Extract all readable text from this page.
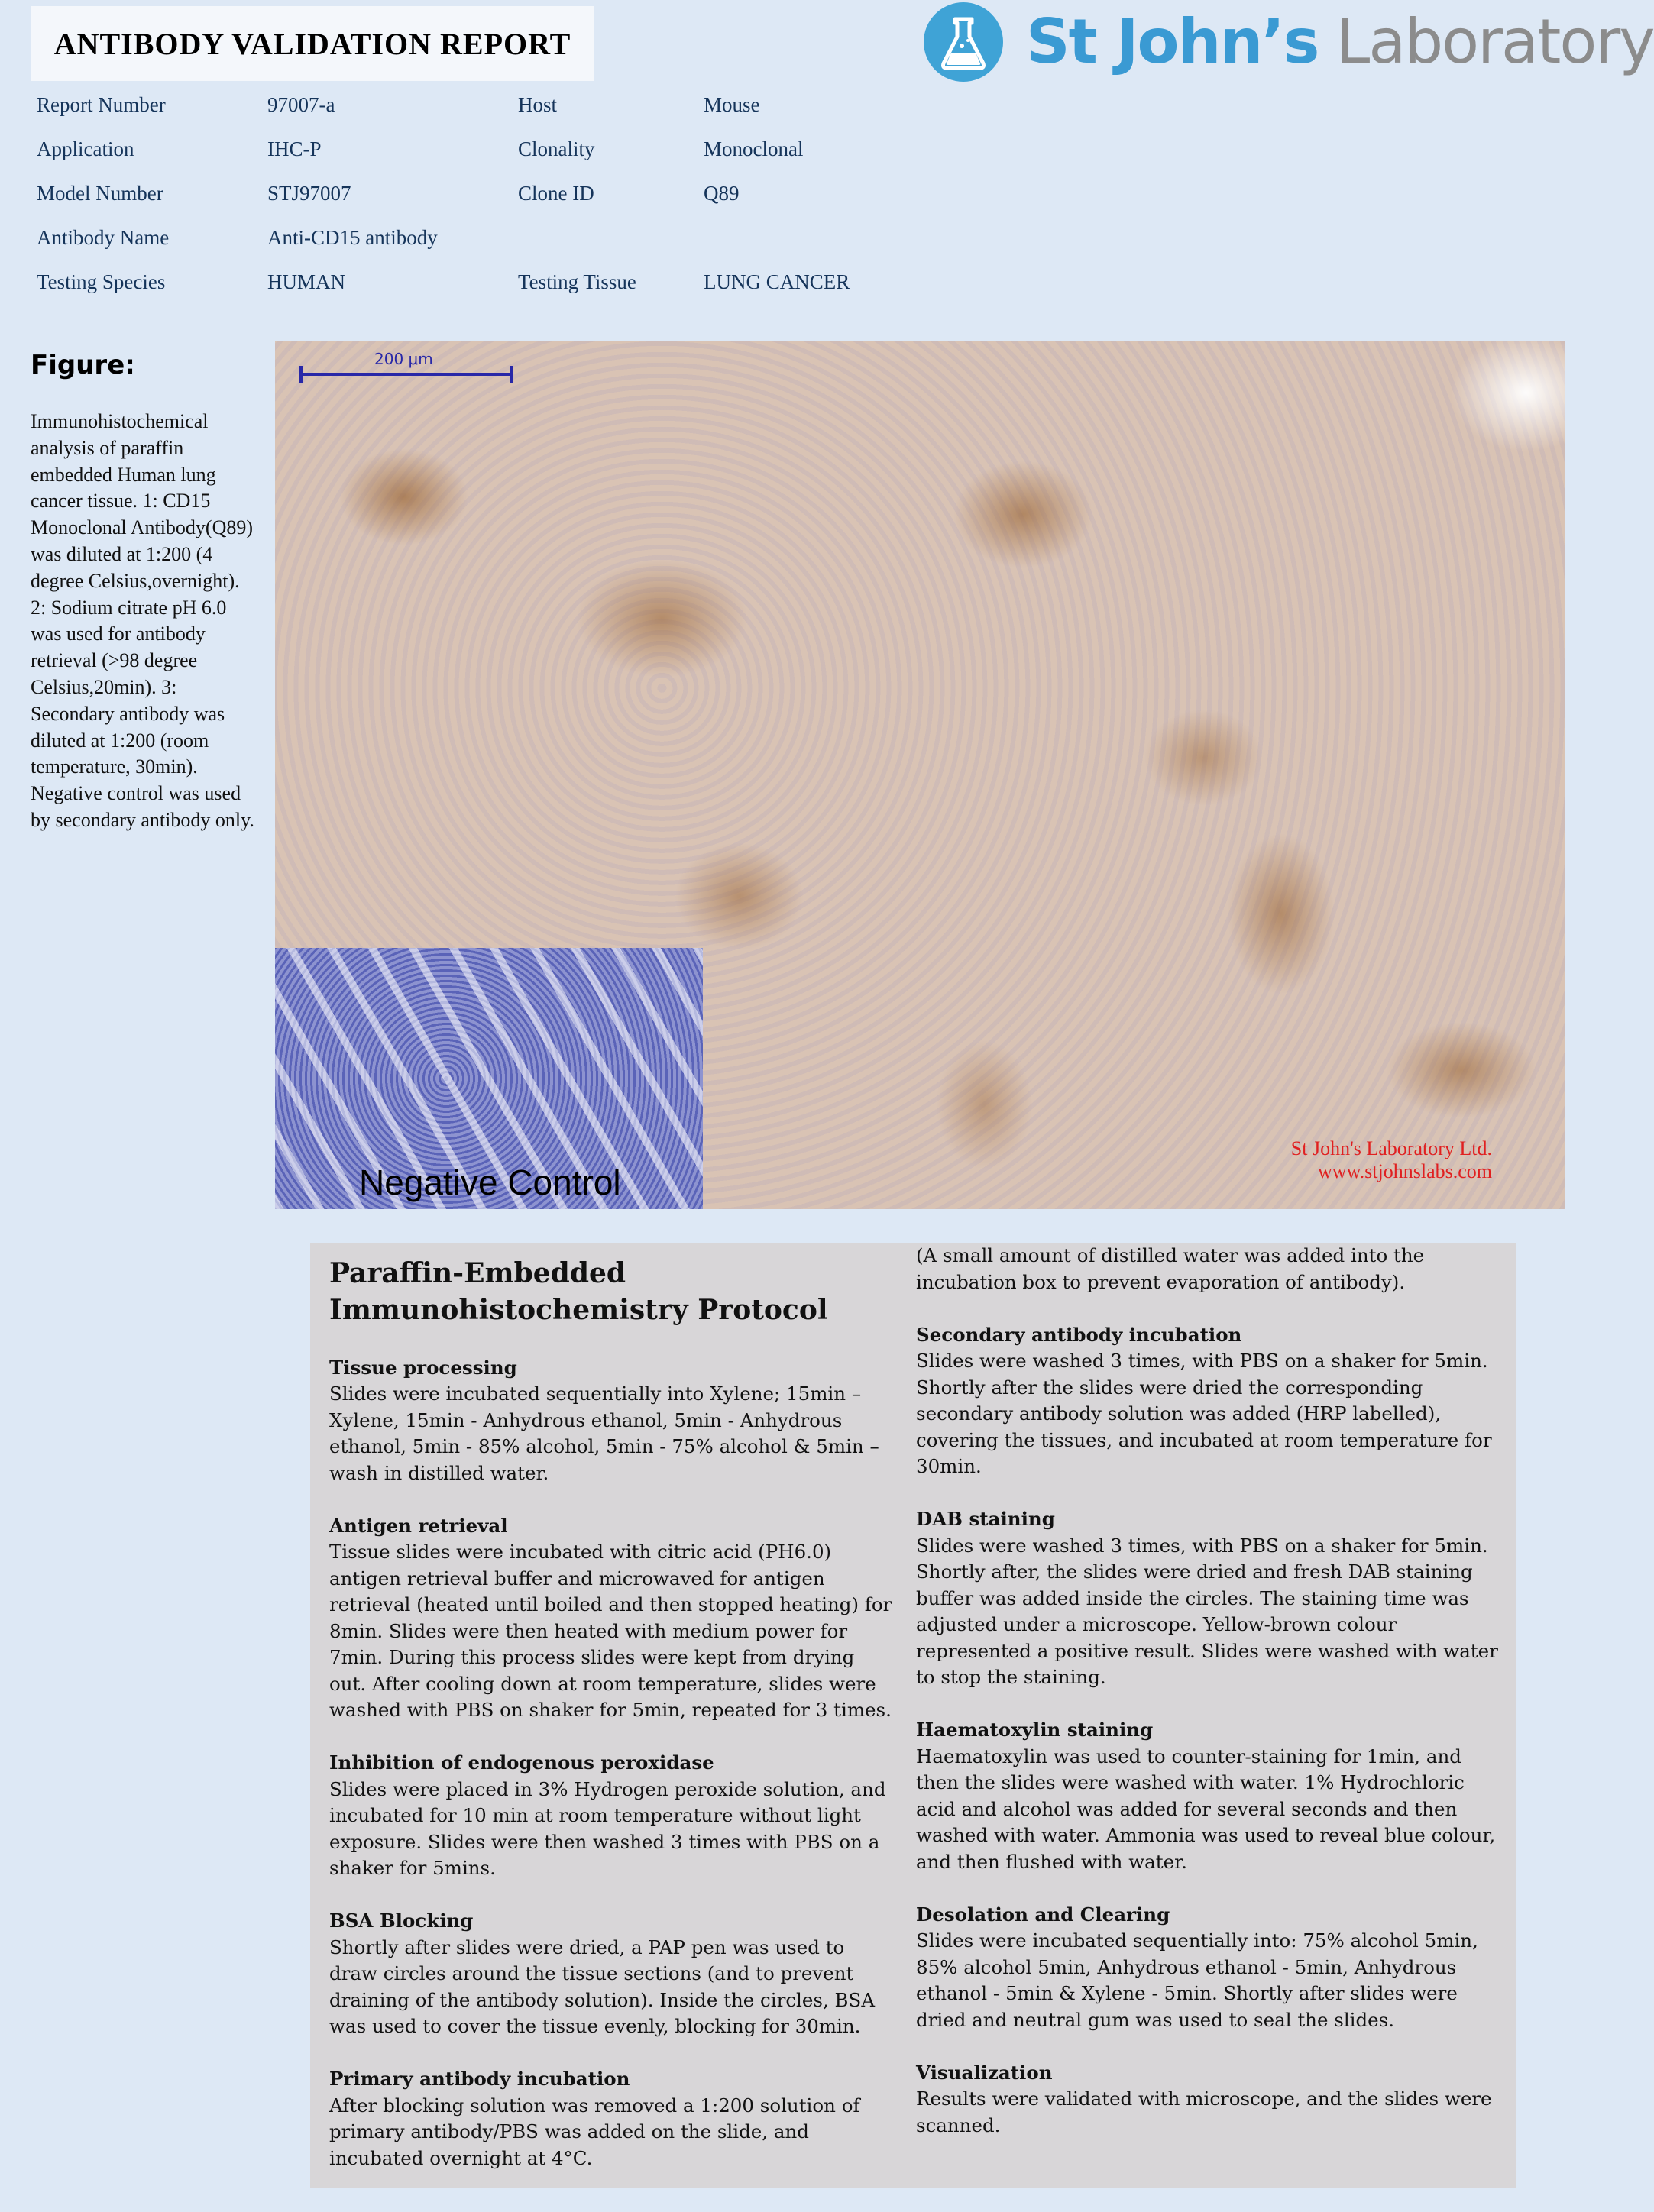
ANTIBODY VALIDATION REPORT	St John’s Laboratory
Report Number	97007-a	Host	Mouse
Application	IHC-P	Clonality	Monoclonal
Model Number	STJ97007	Clone ID	Q89
Antibody Name	Anti-CD15 antibody
Testing Species	HUMAN	Testing Tissue	LUNG CANCER
Figure:
Immunohistochemical analysis of paraffin embedded Human lung cancer tissue. 1: CD15 Monoclonal Antibody(Q89) was diluted at 1:200 (4 degree Celsius,overnight). 2: Sodium citrate pH 6.0 was used for antibody retrieval (>98 degree Celsius,20min). 3: Secondary antibody was diluted at 1:200 (room temperature, 30min). Negative control was used by secondary antibody only.
200 μm
Negative Control
St John's Laboratory Ltd.
www.stjohnslabs.com
Paraffin-Embedded Immunohistochemistry Protocol

Tissue processing

Slides were incubated sequentially into Xylene; 15min – Xylene, 15min - Anhydrous ethanol, 5min - Anhydrous ethanol, 5min - 85% alcohol, 5min - 75% alcohol & 5min – wash in distilled water.

Antigen retrieval

Tissue slides were incubated with citric acid (PH6.0) antigen retrieval buffer and microwaved for antigen retrieval (heated until boiled and then stopped heating) for 8min. Slides were then heated with medium power for 7min. During this process slides were kept from drying out. After cooling down at room temperature, slides were washed with PBS on shaker for 5min, repeated for 3 times.

Inhibition of endogenous peroxidase

Slides were placed in 3% Hydrogen peroxide solution, and incubated for 10 min at room temperature without light exposure. Slides were then washed 3 times with PBS on a shaker for 5mins.

BSA Blocking

Shortly after slides were dried, a PAP pen was used to draw circles around the tissue sections (and to prevent draining of the antibody solution). Inside the circles, BSA was used to cover the tissue evenly, blocking for 30min.

Primary antibody incubation

After blocking solution was removed a 1:200 solution of primary antibody/PBS was added on the slide, and incubated overnight at 4°C.

(A small amount of distilled water was added into the incubation box to prevent evaporation of antibody).

Secondary antibody incubation

Slides were washed 3 times, with PBS on a shaker for 5min. Shortly after the slides were dried the corresponding secondary antibody solution was added (HRP labelled), covering the tissues, and incubated at room temperature for 30min.

DAB staining

Slides were washed 3 times, with PBS on a shaker for 5min. Shortly after, the slides were dried and fresh DAB staining buffer was added inside the circles. The staining time was adjusted under a microscope. Yellow-brown colour represented a positive result. Slides were washed with water to stop the staining.

Haematoxylin staining

Haematoxylin was used to counter-staining for 1min, and then the slides were washed with water. 1% Hydrochloric acid and alcohol was added for several seconds and then washed with water. Ammonia was used to reveal blue colour, and then flushed with water.

Desolation and Clearing

Slides were incubated sequentially into: 75% alcohol 5min, 85% alcohol 5min, Anhydrous ethanol - 5min, Anhydrous ethanol - 5min & Xylene - 5min. Shortly after slides were dried and neutral gum was used to seal the slides.

Visualization

Results were validated with microscope, and the slides were scanned.
